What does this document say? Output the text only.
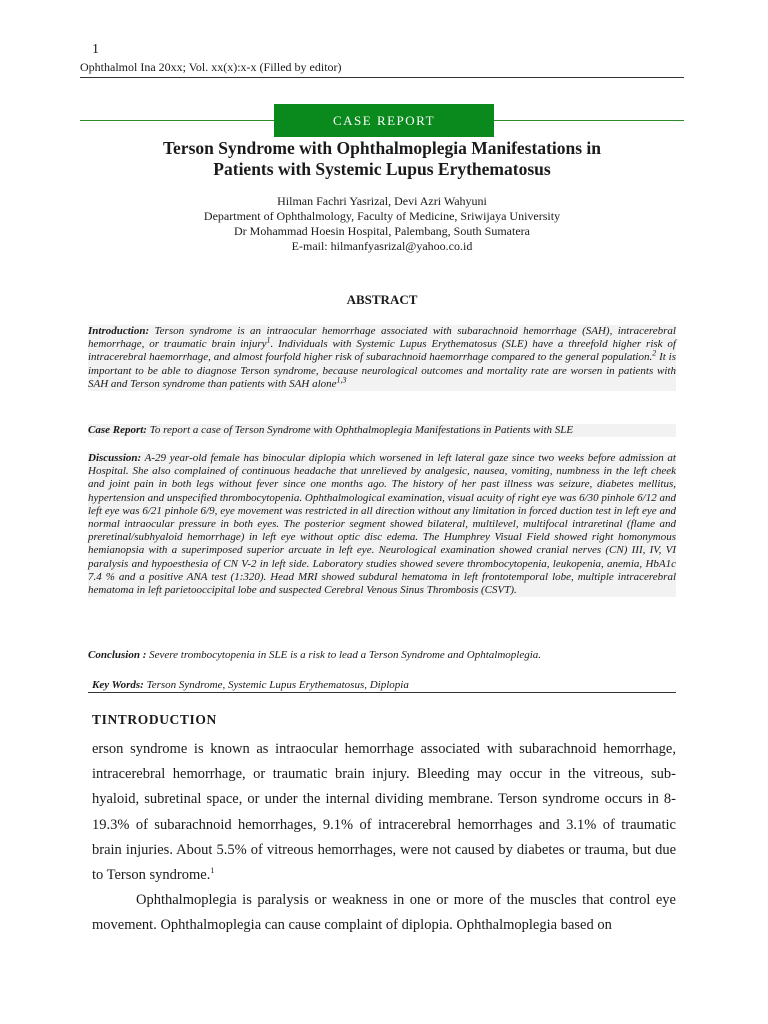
1
Ophthalmol Ina 20xx; Vol. xx(x):x-x (Filled by editor)
CASE REPORT
Terson Syndrome with Ophthalmoplegia Manifestations in
Patients with Systemic Lupus Erythematosus
Hilman Fachri Yasrizal, Devi Azri Wahyuni
Department of Ophthalmology, Faculty of Medicine, Sriwijaya University
Dr Mohammad Hoesin Hospital, Palembang, South Sumatera
E-mail: hilmanfyasrizal@yahoo.co.id
ABSTRACT
Introduction: Terson syndrome is an intraocular hemorrhage associated with subarachnoid hemorrhage (SAH), intracerebral hemorrhage, or traumatic brain injury$^1$. Individuals with Systemic Lupus Erythematosus (SLE) have a threefold higher risk of intracerebral haemorrhage, and almost fourfold higher risk of subarachnoid haemorrhage compared to the general population.$^2$ It is important to be able to diagnose Terson syndrome, because neurological outcomes and mortality rate are worsen in patients with SAH and Terson syndrome than patients with SAH alone$^{1,3}$
Case Report: To report a case of Terson Syndrome with Ophthalmoplegia Manifestations in Patients with SLE
Discussion: A-29 year-old female has binocular diplopia which worsened in left lateral gaze since two weeks before admission at Hospital. She also complained of continuous headache that unrelieved by analgesic, nausea, vomiting, numbness in the left cheek and joint pain in both legs without fever since one months ago. The history of her past illness was seizure, diabetes mellitus, hypertension and unspecified thrombocytopenia. Ophthalmological examination, visual acuity of right eye was 6/30 pinhole 6/12 and left eye was 6/21 pinhole 6/9, eye movement was restricted in all direction without any limitation in forced duction test in left eye and normal intraocular pressure in both eyes. The posterior segment showed bilateral, multilevel, multifocal intraretinal (flame and preretinal/subhyaloid hemorrhage) in left eye without optic disc edema. The Humphrey Visual Field showed right homonymous hemianopsia with a superimposed superior arcuate in left eye. Neurological examination showed cranial nerves (CN) III, IV, VI paralysis and hypoesthesia of CN V-2 in left side. Laboratory studies showed severe thrombocytopenia, leukopenia, anemia, HbA1c 7.4 % and a positive ANA test (1:320). Head MRI showed subdural hematoma in left frontotemporal lobe, multiple intracerebral hematoma in left parietooccipital lobe and suspected Cerebral Venous Sinus Thrombosis (CSVT).
Conclusion : Severe trombocytopenia in SLE is a risk to lead a Terson Syndrome and Ophtalmoplegia.
Key Words: Terson Syndrome, Systemic Lupus Erythematosus, Diplopia
TINTRODUCTION

erson syndrome is known as intraocular hemorrhage associated with subarachnoid hemorrhage, intracerebral hemorrhage, or traumatic brain injury. Bleeding may occur in the vitreous, sub-hyaloid, subretinal space, or under the internal dividing membrane. Terson syndrome occurs in 8-19.3% of subarachnoid hemorrhages, 9.1% of intracerebral hemorrhages and 3.1% of traumatic brain injuries. About 5.5% of vitreous hemorrhages, were not caused by diabetes or trauma, but due to Terson syndrome.$^1$

Ophthalmoplegia is paralysis or weakness in one or more of the muscles that control eye movement. Ophthalmoplegia can cause complaint of diplopia. Ophthalmoplegia based on
